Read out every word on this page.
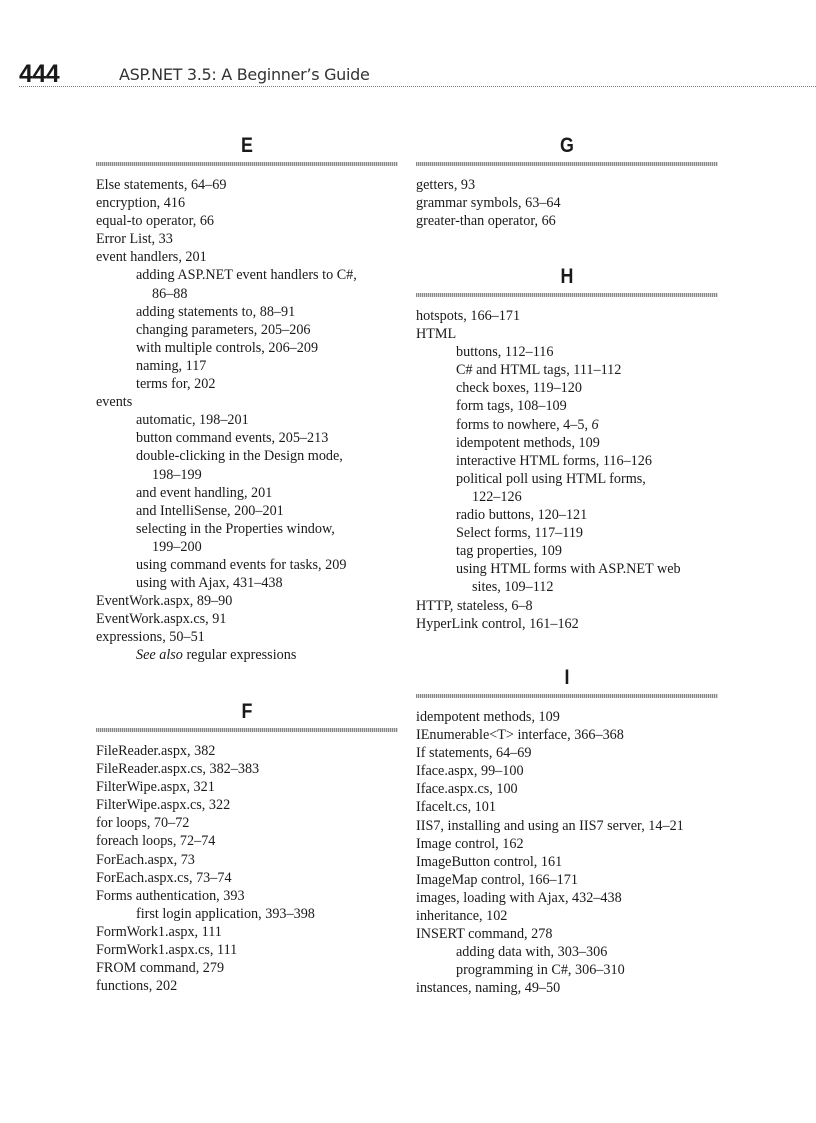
444	ASP.NET 3.5: A Beginner’s Guide
E
Else statements, 64–69
encryption, 416
equal-to operator, 66
Error List, 33
event handlers, 201
adding ASP.NET event handlers to C#,
86–88
adding statements to, 88–91
changing parameters, 205–206
with multiple controls, 206–209
naming, 117
terms for, 202
events
automatic, 198–201
button command events, 205–213
double-clicking in the Design mode,
198–199
and event handling, 201
and IntelliSense, 200–201
selecting in the Properties window,
199–200
using command events for tasks, 209
using with Ajax, 431–438
EventWork.aspx, 89–90
EventWork.aspx.cs, 91
expressions, 50–51
See also regular expressions
F
FileReader.aspx, 382
FileReader.aspx.cs, 382–383
FilterWipe.aspx, 321
FilterWipe.aspx.cs, 322
for loops, 70–72
foreach loops, 72–74
ForEach.aspx, 73
ForEach.aspx.cs, 73–74
Forms authentication, 393
first login application, 393–398
FormWork1.aspx, 111
FormWork1.aspx.cs, 111
FROM command, 279
functions, 202
G
getters, 93
grammar symbols, 63–64
greater-than operator, 66
H
hotspots, 166–171
HTML
buttons, 112–116
C# and HTML tags, 111–112
check boxes, 119–120
form tags, 108–109
forms to nowhere, 4–5, 6
idempotent methods, 109
interactive HTML forms, 116–126
political poll using HTML forms,
122–126
radio buttons, 120–121
Select forms, 117–119
tag properties, 109
using HTML forms with ASP.NET web
sites, 109–112
HTTP, stateless, 6–8
HyperLink control, 161–162
I
idempotent methods, 109
IEnumerable<T> interface, 366–368
If statements, 64–69
Iface.aspx, 99–100
Iface.aspx.cs, 100
Ifacelt.cs, 101
IIS7, installing and using an IIS7 server, 14–21
Image control, 162
ImageButton control, 161
ImageMap control, 166–171
images, loading with Ajax, 432–438
inheritance, 102
INSERT command, 278
adding data with, 303–306
programming in C#, 306–310
instances, naming, 49–50
